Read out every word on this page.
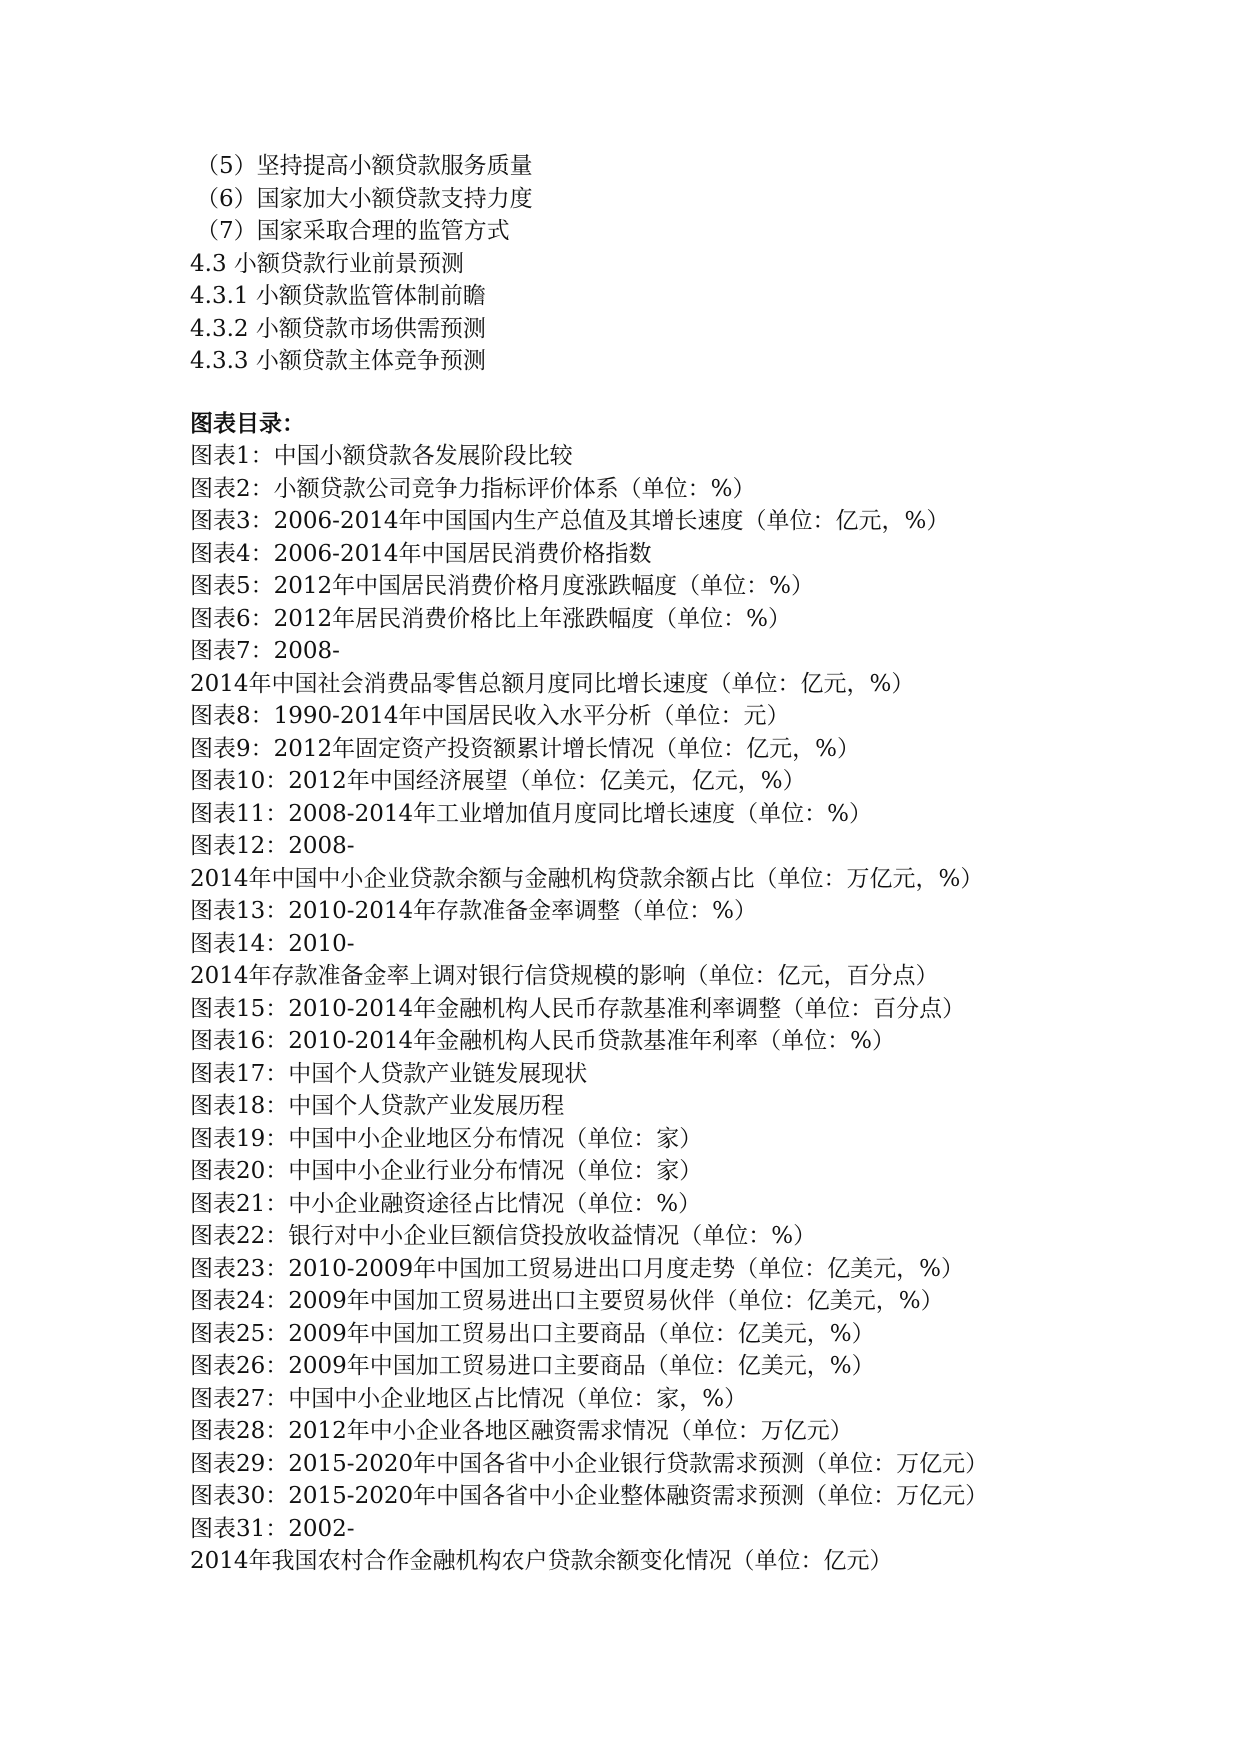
（5）坚持提高小额贷款服务质量
（6）国家加大小额贷款支持力度
（7）国家采取合理的监管方式
4.3 小额贷款行业前景预测
4.3.1 小额贷款监管体制前瞻
4.3.2 小额贷款市场供需预测
4.3.3 小额贷款主体竞争预测
图表目录：
图表1：中国小额贷款各发展阶段比较
图表2：小额贷款公司竞争力指标评价体系（单位：%）
图表3：2006-2014年中国国内生产总值及其增长速度（单位：亿元，%）
图表4：2006-2014年中国居民消费价格指数
图表5：2012年中国居民消费价格月度涨跌幅度（单位：%）
图表6：2012年居民消费价格比上年涨跌幅度（单位：%）
图表7：2008-
2014年中国社会消费品零售总额月度同比增长速度（单位：亿元，%）
图表8：1990-2014年中国居民收入水平分析（单位：元）
图表9：2012年固定资产投资额累计增长情况（单位：亿元，%）
图表10：2012年中国经济展望（单位：亿美元，亿元，%）
图表11：2008-2014年工业增加值月度同比增长速度（单位：%）
图表12：2008-
2014年中国中小企业贷款余额与金融机构贷款余额占比（单位：万亿元，%）
图表13：2010-2014年存款准备金率调整（单位：%）
图表14：2010-
2014年存款准备金率上调对银行信贷规模的影响（单位：亿元，百分点）
图表15：2010-2014年金融机构人民币存款基准利率调整（单位：百分点）
图表16：2010-2014年金融机构人民币贷款基准年利率（单位：%）
图表17：中国个人贷款产业链发展现状
图表18：中国个人贷款产业发展历程
图表19：中国中小企业地区分布情况（单位：家）
图表20：中国中小企业行业分布情况（单位：家）
图表21：中小企业融资途径占比情况（单位：%）
图表22：银行对中小企业巨额信贷投放收益情况（单位：%）
图表23：2010-2009年中国加工贸易进出口月度走势（单位：亿美元，%）
图表24：2009年中国加工贸易进出口主要贸易伙伴（单位：亿美元，%）
图表25：2009年中国加工贸易出口主要商品（单位：亿美元，%）
图表26：2009年中国加工贸易进口主要商品（单位：亿美元，%）
图表27：中国中小企业地区占比情况（单位：家，%）
图表28：2012年中小企业各地区融资需求情况（单位：万亿元）
图表29：2015-2020年中国各省中小企业银行贷款需求预测（单位：万亿元）
图表30：2015-2020年中国各省中小企业整体融资需求预测（单位：万亿元）
图表31：2002-
2014年我国农村合作金融机构农户贷款余额变化情况（单位：亿元）
